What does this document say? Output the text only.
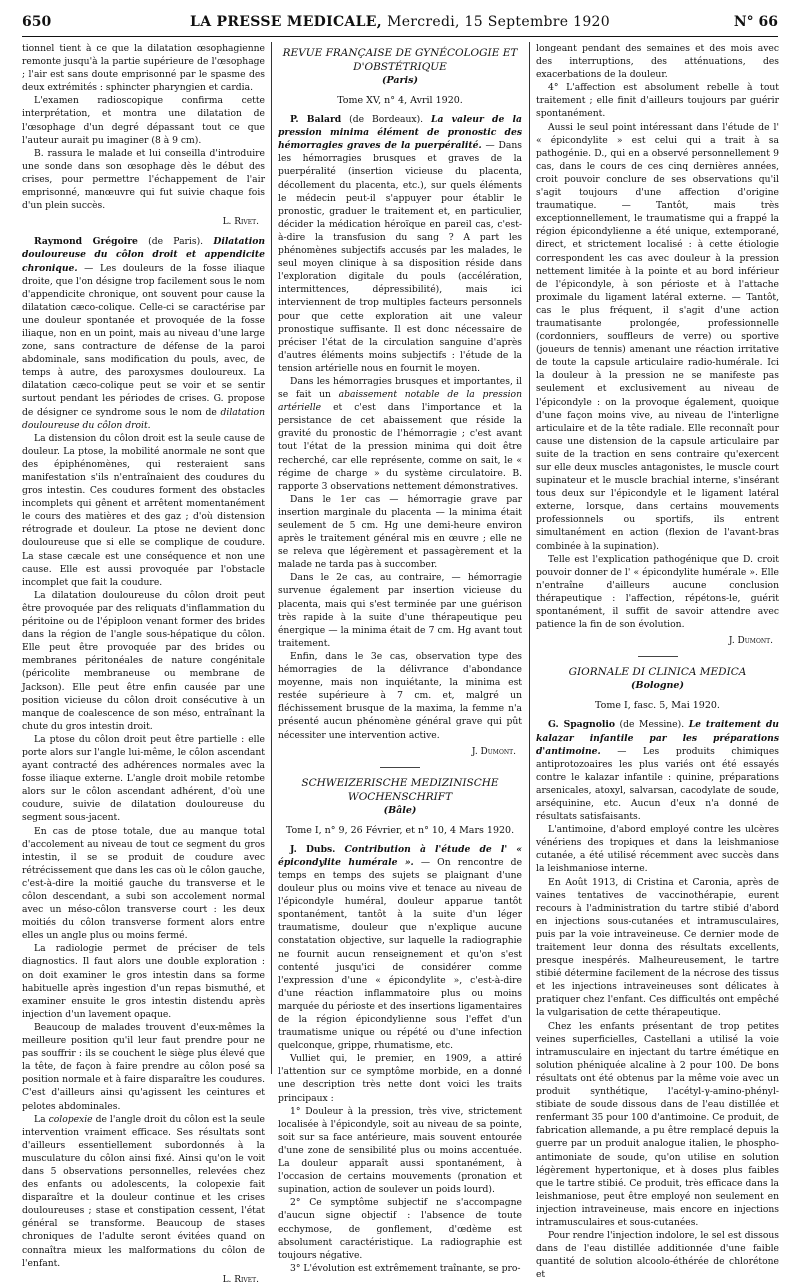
650	LA PRESSE MEDICALE, Mercredi, 15 Septembre 1920	N° 66

tionnel tient à ce que la dilatation œsophagienne remonte jusqu'à la partie supérieure de l'œsophage ; l'air est sans doute emprisonné par le spasme des deux extrémités : sphincter pharyngien et cardia.

L'examen radioscopique confirma cette interprétation, et montra une dilatation de l'œsophage d'un degré dépassant tout ce que l'auteur aurait pu imaginer (8 à 9 cm).

B. rassura le malade et lui conseilla d'introduire une sonde dans son œsophage dès le début des crises, pour permettre l'échappement de l'air emprisonné, manœuvre qui fut suivie chaque fois d'un plein succès.

L. Rivet.

Raymond Grégoire (de Paris). Dilatation douloureuse du côlon droit et appendicite chronique. — Les douleurs de la fosse iliaque droite, que l'on désigne trop facilement sous le nom d'appendicite chronique, ont souvent pour cause la dilatation cæco-colique. Celle-ci se caractérise par une douleur spontanée et provoquée de la fosse iliaque, non en un point, mais au niveau d'une large zone, sans contracture de défense de la paroi abdominale, sans modification du pouls, avec, de temps à autre, des paroxysmes douloureux. La dilatation cæco-colique peut se voir et se sentir surtout pendant les périodes de crises. G. propose de désigner ce syndrome sous le nom de dilatation douloureuse du côlon droit.

La distension du côlon droit est la seule cause de douleur. La ptose, la mobilité anormale ne sont que des épiphénomènes, qui resteraient sans manifestation s'ils n'entraînaient des coudures du gros intestin. Ces coudures forment des obstacles incomplets qui gênent et arrêtent momentanément le cours des matières et des gaz ; d'où distension rétrograde et douleur. La ptose ne devient donc douloureuse que si elle se complique de coudure. La stase cæcale est une conséquence et non une cause. Elle est aussi provoquée par l'obstacle incomplet que fait la coudure.

La dilatation douloureuse du côlon droit peut être provoquée par des reliquats d'inflammation du péritoine ou de l'épiploon venant former des brides dans la région de l'angle sous-hépatique du côlon. Elle peut être provoquée par des brides ou membranes péritonéales de nature congénitale (péricolite membraneuse ou membrane de Jackson). Elle peut être enfin causée par une position vicieuse du côlon droit consécutive à un manque de coalescence de son méso, entraînant la chute du gros intestin droit.

La ptose du côlon droit peut être partielle : elle porte alors sur l'angle lui-même, le côlon ascendant ayant contracté des adhérences normales avec la fosse iliaque externe. L'angle droit mobile retombe alors sur le côlon ascendant adhérent, d'où une coudure, suivie de dilatation douloureuse du segment sous-jacent.

En cas de ptose totale, due au manque total d'accolement au niveau de tout ce segment du gros intestin, il se se produit de coudure avec rétrécissement que dans les cas où le côlon gauche, c'est-à-dire la moitié gauche du transverse et le côlon descendant, a subi son accolement normal avec un méso-côlon transverse court : les deux moitiés du côlon transverse forment alors entre elles un angle plus ou moins fermé.

La radiologie permet de préciser de tels diagnostics. Il faut alors une double exploration : on doit examiner le gros intestin dans sa forme habituelle après ingestion d'un repas bismuthé, et examiner ensuite le gros intestin distendu après injection d'un lavement opaque.

Beaucoup de malades trouvent d'eux-mêmes la meilleure position qu'il leur faut prendre pour ne pas souffrir : ils se couchent le siège plus élevé que la tête, de façon à faire prendre au côlon posé sa position normale et à faire disparaître les coudures. C'est d'ailleurs ainsi qu'agissent les ceintures et pelotes abdominales.

La colopexie de l'angle droit du côlon est la seule intervention vraiment efficace. Ses résultats sont d'ailleurs essentiellement subordonnés à la musculature du côlon ainsi fixé. Ainsi qu'on le voit dans 5 observations personnelles, relevées chez des enfants ou adolescents, la colopexie fait disparaître et la douleur continue et les crises douloureuses ; stase et constipation cessent, l'état général se transforme. Beaucoup de stases chroniques de l'adulte seront évitées quand on connaîtra mieux les malformations du côlon de l'enfant.

L. Rivet.
REVUE FRANÇAISE DE GYNÉCOLOGIE ET D'OBSTÉTRIQUE
(Paris)
Tome XV, n° 4, Avril 1920.

P. Balard (de Bordeaux). La valeur de la pression minima élément de pronostic des hémorragies graves de la puerpéralité. — Dans les hémorragies brusques et graves de la puerpéralité (insertion vicieuse du placenta, décollement du placenta, etc.), sur quels éléments le médecin peut-il s'appuyer pour établir le pronostic, graduer le traitement et, en particulier, décider la médication héroïque en pareil cas, c'est-à-dire la transfusion du sang ? A part les phénomènes subjectifs accusés par les malades, le seul moyen clinique à sa disposition réside dans l'exploration digitale du pouls (accélération, intermittences, dépressibilité), mais ici interviennent de trop multiples facteurs personnels pour que cette exploration ait une valeur pronostique suffisante. Il est donc nécessaire de préciser l'état de la circulation sanguine d'après d'autres éléments moins subjectifs : l'étude de la tension artérielle nous en fournit le moyen.

Dans les hémorragies brusques et importantes, il se fait un abaissement notable de la pression artérielle et c'est dans l'importance et la persistance de cet abaissement que réside la gravité du pronostic de l'hémorragie ; c'est avant tout l'état de la pression minima qui doit être recherché, car elle représente, comme on sait, le « régime de charge » du système circulatoire. B. rapporte 3 observations nettement démonstratives.

Dans le 1er cas — hémorragie grave par insertion marginale du placenta — la minima était seulement de 5 cm. Hg une demi-heure environ après le traitement général mis en œuvre ; elle ne se releva que légèrement et passagèrement et la malade ne tarda pas à succomber.

Dans le 2e cas, au contraire, — hémorragie survenue également par insertion vicieuse du placenta, mais qui s'est terminée par une guérison très rapide à la suite d'une thérapeutique peu énergique — la minima était de 7 cm. Hg avant tout traitement.

Enfin, dans le 3e cas, observation type des hémorragies de la délivrance d'abondance moyenne, mais non inquiétante, la minima est restée supérieure à 7 cm. et, malgré un fléchissement brusque de la maxima, la femme n'a présenté aucun phénomène général grave qui pût nécessiter une intervention active.

J. Dumont.
SCHWEIZERISCHE MEDIZINISCHE WOCHENSCHRIFT
(Bâle)
Tome I, n° 9, 26 Février, et n° 10, 4 Mars 1920.

J. Dubs. Contribution à l'étude de l' « épicondylite humérale ». — On rencontre de temps en temps des sujets se plaignant d'une douleur plus ou moins vive et tenace au niveau de l'épicondyle huméral, douleur apparue tantôt spontanément, tantôt à la suite d'un léger traumatisme, douleur que n'explique aucune constatation objective, sur laquelle la radiographie ne fournit aucun renseignement et qu'on s'est contenté jusqu'ici de considérer comme l'expression d'une « épicondylite », c'est-à-dire d'une réaction inflammatoire plus ou moins marquée du périoste et des insertions ligamentaires de la région épicondylienne sous l'effet d'un traumatisme unique ou répété ou d'une infection quelconque, grippe, rhumatisme, etc.

Vulliet qui, le premier, en 1909, a attiré l'attention sur ce symptôme morbide, en a donné une description très nette dont voici les traits principaux :

1° Douleur à la pression, très vive, strictement localisée à l'épicondyle, soit au niveau de sa pointe, soit sur sa face antérieure, mais souvent entourée d'une zone de sensibilité plus ou moins accentuée. La douleur apparaît aussi spontanément, à l'occasion de certains mouvements (pronation et supination, action de soulever un poids lourd).

2° Ce symptôme subjectif ne s'accompagne d'aucun signe objectif : l'absence de toute ecchymose, de gonflement, d'œdème est absolument caractéristique. La radiographie est toujours négative.

3° L'évolution est extrêmement traînante, se pro-

longeant pendant des semaines et des mois avec des interruptions, des atténuations, des exacerbations de la douleur.

4° L'affection est absolument rebelle à tout traitement ; elle finit d'ailleurs toujours par guérir spontanément.

Aussi le seul point intéressant dans l'étude de l' « épicondylite » est celui qui a trait à sa pathogénie. D., qui en a observé personnellement 9 cas, dans le cours de ces cinq dernières années, croit pouvoir conclure de ses observations qu'il s'agit toujours d'une affection d'origine traumatique. — Tantôt, mais très exceptionnellement, le traumatisme qui a frappé la région épicondylienne a été unique, extemporané, direct, et strictement localisé : à cette étiologie correspondent les cas avec douleur à la pression nettement limitée à la pointe et au bord inférieur de l'épicondyle, à son périoste et à l'attache proximale du ligament latéral externe. — Tantôt, cas le plus fréquent, il s'agit d'une action traumatisante prolongée, professionnelle (cordonniers, souffleurs de verre) ou sportive (joueurs de tennis) amenant une réaction irritative de toute la capsule articulaire radio-humérale. Ici la douleur à la pression ne se manifeste pas seulement et exclusivement au niveau de l'épicondyle : on la provoque également, quoique d'une façon moins vive, au niveau de l'interligne articulaire et de la tête radiale. Elle reconnaît pour cause une distension de la capsule articulaire par suite de la traction en sens contraire qu'exercent sur elle deux muscles antagonistes, le muscle court supinateur et le muscle brachial interne, s'insérant tous deux sur l'épicondyle et le ligament latéral externe, lorsque, dans certains mouvements professionnels ou sportifs, ils entrent simultanément en action (flexion de l'avant-bras combinée à la supination).

Telle est l'explication pathogénique que D. croit pouvoir donner de l' « épicondylite humérale ». Elle n'entraîne d'ailleurs aucune conclusion thérapeutique : l'affection, répétons-le, guérit spontanément, il suffit de savoir attendre avec patience la fin de son évolution.

J. Dumont.
GIORNALE DI CLINICA MEDICA
(Bologne)
Tome I, fasc. 5, Mai 1920.

G. Spagnolio (de Messine). Le traitement du kalazar infantile par les préparations d'antimoine. — Les produits chimiques antiprotozoaires les plus variés ont été essayés contre le kalazar infantile : quinine, préparations arsenicales, atoxyl, salvarsan, cacodylate de soude, arséquinine, etc. Aucun d'eux n'a donné de résultats satisfaisants.

L'antimoine, d'abord employé contre les ulcères vénériens des tropiques et dans la leishmaniose cutanée, a été utilisé récemment avec succès dans la leishmaniose interne.

En Août 1913, di Cristina et Caronia, après de vaines tentatives de vaccinothérapie, eurent recours à l'administration du tartre stibié d'abord en injections sous-cutanées et intramusculaires, puis par la voie intraveineuse. Ce dernier mode de traitement leur donna des résultats excellents, presque inespérés. Malheureusement, le tartre stibié détermine facilement de la nécrose des tissus et les injections intraveineuses sont délicates à pratiquer chez l'enfant. Ces difficultés ont empêché la vulgarisation de cette thérapeutique.

Chez les enfants présentant de trop petites veines superficielles, Castellani a utilisé la voie intramusculaire en injectant du tartre émétique en solution phéniquée alcaline à 2 pour 100. De bons résultats ont été obtenus par la même voie avec un produit synthétique, l'acétyl-γ-amino-phényl-stibiate de soude dissous dans de l'eau distillée et renfermant 35 pour 100 d'antimoine. Ce produit, de fabrication allemande, a pu être remplacé depuis la guerre par un produit analogue italien, le phospho-antimoniate de soude, qu'on utilise en solution légèrement hypertonique, et à doses plus faibles que le tartre stibié. Ce produit, très efficace dans la leishmaniose, peut être employé non seulement en injection intraveineuse, mais encore en injections intramusculaires et sous-cutanées.

Pour rendre l'injection indolore, le sel est dissous dans de l'eau distillée additionnée d'une faible quantité de solution alcoolo-éthérée de chlorétone et
